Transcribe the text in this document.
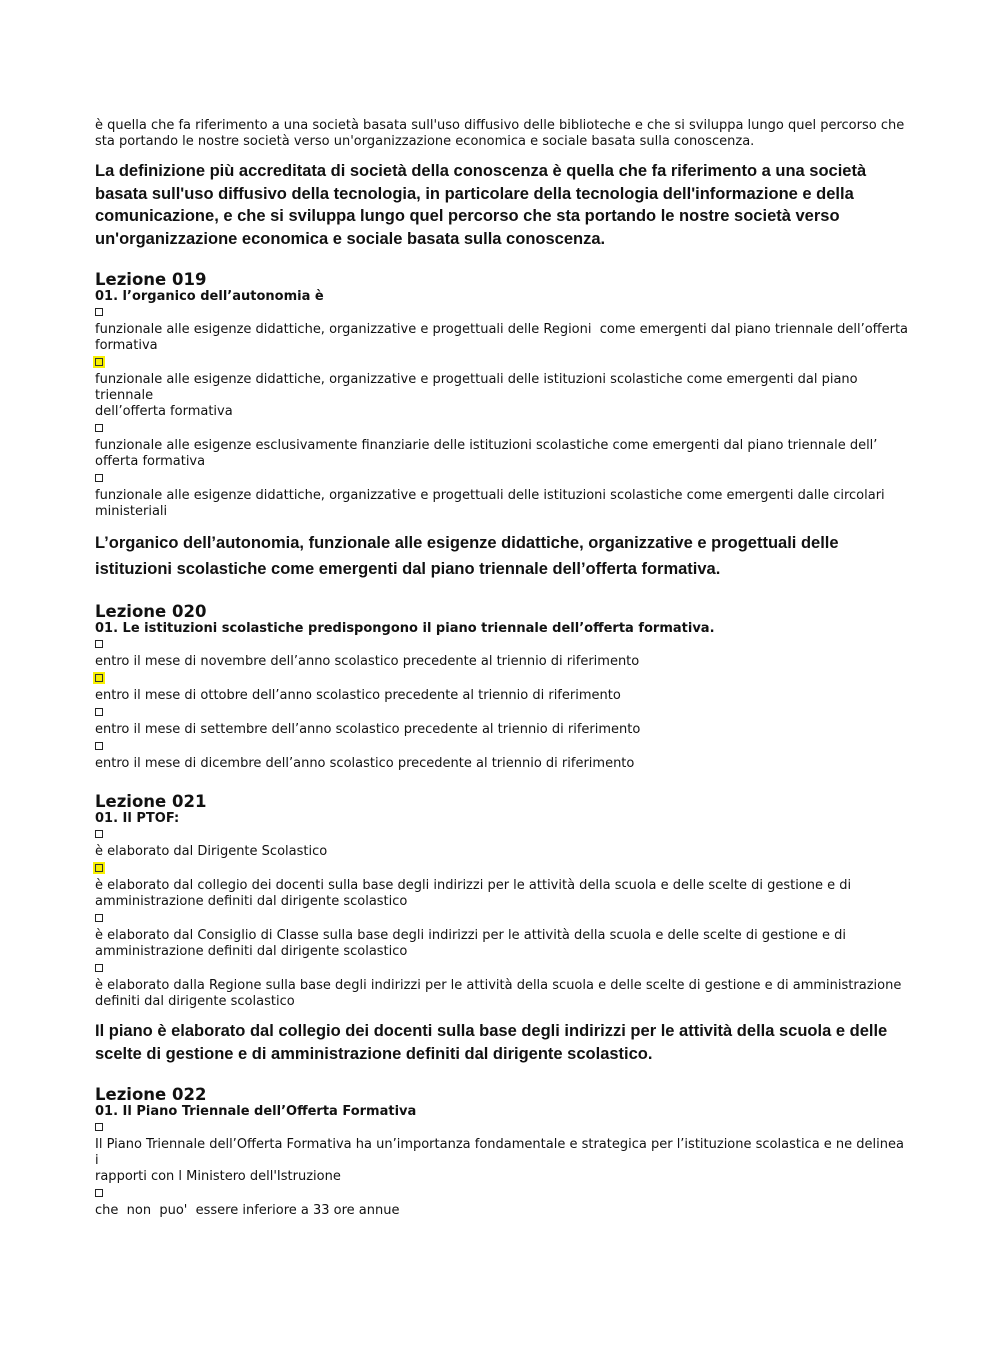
è quella che fa riferimento a una società basata sull'uso diffusivo delle biblioteche e che si sviluppa lungo quel percorso che

sta portando le nostre società verso un'organizzazione economica e sociale basata sulla conoscenza.

La definizione più accreditata di società della conoscenza è quella che fa riferimento a una società basata sull'uso diffusivo della tecnologia, in particolare della tecnologia dell'informazione e della comunicazione, e che si sviluppa lungo quel percorso che sta portando le nostre società verso un'organizzazione economica e sociale basata sulla conoscenza.

Lezione 019

01. l’organico dell’autonomia è

funzionale alle esigenze didattiche, organizzative e progettuali delle Regioni  come emergenti dal piano triennale dell’offerta
formativa

funzionale alle esigenze didattiche, organizzative e progettuali delle istituzioni scolastiche come emergenti dal piano triennale
dell’offerta formativa

funzionale alle esigenze esclusivamente finanziarie delle istituzioni scolastiche come emergenti dal piano triennale dell’
offerta formativa

funzionale alle esigenze didattiche, organizzative e progettuali delle istituzioni scolastiche come emergenti dalle circolari
ministeriali

L’organico dell’autonomia, funzionale alle esigenze didattiche, organizzative e progettuali delle istituzioni scolastiche come emergenti dal piano triennale dell’offerta formativa.

Lezione 020

01. Le istituzioni scolastiche predispongono il piano triennale dell’offerta formativa.

entro il mese di novembre dell’anno scolastico precedente al triennio di riferimento

entro il mese di ottobre dell’anno scolastico precedente al triennio di riferimento

entro il mese di settembre dell’anno scolastico precedente al triennio di riferimento

entro il mese di dicembre dell’anno scolastico precedente al triennio di riferimento

Lezione 021

01. Il PTOF:

è elaborato dal Dirigente Scolastico

è elaborato dal collegio dei docenti sulla base degli indirizzi per le attività della scuola e delle scelte di gestione e di
amministrazione definiti dal dirigente scolastico

è elaborato dal Consiglio di Classe sulla base degli indirizzi per le attività della scuola e delle scelte di gestione e di
amministrazione definiti dal dirigente scolastico

è elaborato dalla Regione sulla base degli indirizzi per le attività della scuola e delle scelte di gestione e di amministrazione
definiti dal dirigente scolastico

Il piano è elaborato dal collegio dei docenti sulla base degli indirizzi per le attività della scuola e delle scelte di gestione e di amministrazione definiti dal dirigente scolastico.

Lezione 022

01. Il Piano Triennale dell’Offerta Formativa

Il Piano Triennale dell’Offerta Formativa ha un’importanza fondamentale e strategica per l’istituzione scolastica e ne delinea i
rapporti con l Ministero dell'Istruzione

che  non  puo'  essere inferiore a 33 ore annue
